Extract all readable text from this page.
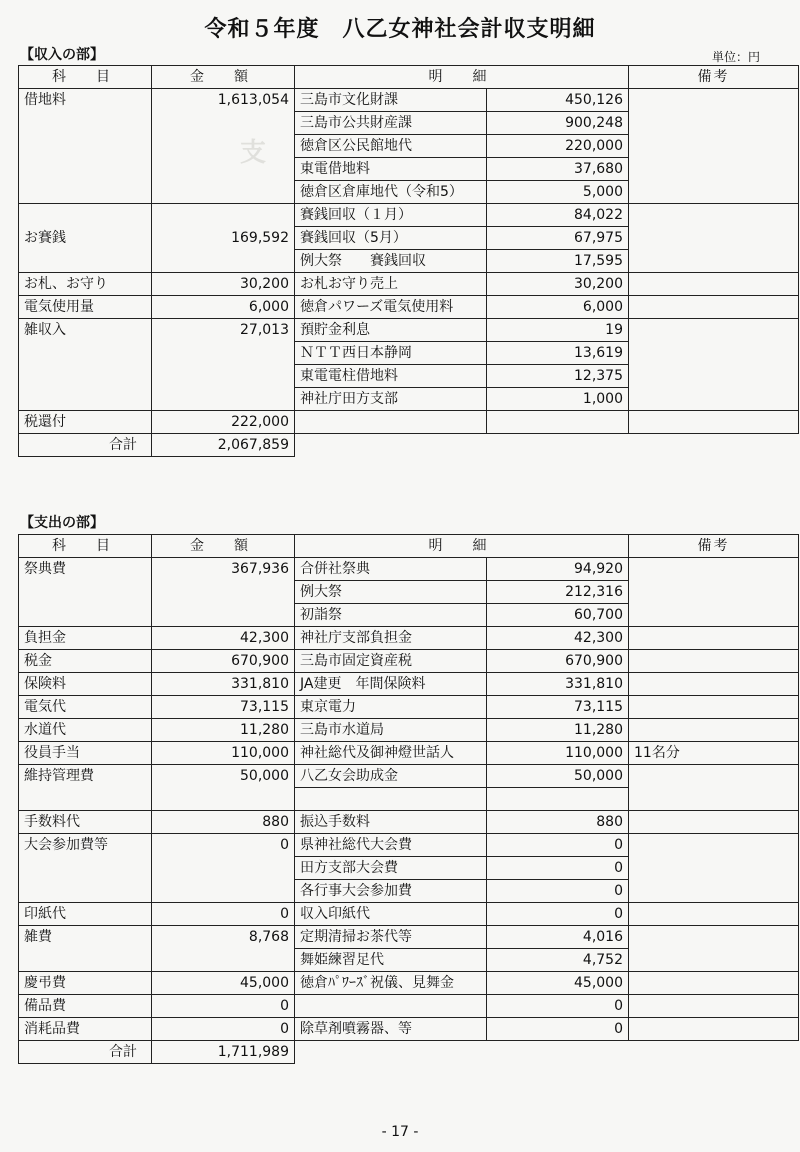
支
令和５年度　八乙女神社会計収支明細
【収入の部】	単位：円
科　目	金　額	明　細		備考
借地料	1,613,054	三島市文化財課	450,126	
		三島市公共財産課	900,248	
		徳倉区公民館地代	220,000	
		東電借地料	37,680	
		徳倉区倉庫地代（令和5）	5,000	
		賽銭回収（１月）	84,022	
お賽銭	169,592	賽銭回収（5月）	67,975	
		例大祭　　賽銭回収	17,595	
お札、お守り	30,200	お札お守り売上	30,200	
電気使用量	6,000	徳倉パワーズ電気使用料	6,000	
雑収入	27,013	預貯金利息	19	
		ＮＴＴ西日本静岡	13,619	
		東電電柱借地料	12,375	
		神社庁田方支部	1,000	
税還付	222,000			
合計	2,067,859			
【支出の部】
科　目	金　額	明　細		備考
祭典費	367,936	合併社祭典	94,920	
		例大祭	212,316	
		初詣祭	60,700	
負担金	42,300	神社庁支部負担金	42,300	
税金	670,900	三島市固定資産税	670,900	
保険料	331,810	JA建更　年間保険料	331,810	
電気代	73,115	東京電力	73,115	
水道代	11,280	三島市水道局	11,280	
役員手当	110,000	神社総代及御神燈世話人	110,000	11名分
維持管理費	50,000	八乙女会助成金	50,000	

手数料代	880	振込手数料	880	
大会参加費等	0	県神社総代大会費	0	
		田方支部大会費	0	
		各行事大会参加費	0	
印紙代	0	収入印紙代	0	
雑費	8,768	定期清掃お茶代等	4,016	
		舞姫練習足代	4,752	
慶弔費	45,000	徳倉ﾊﾟﾜｰｽﾞ祝儀、見舞金	45,000	
備品費	0		0	
消耗品費	0	除草剤噴霧器、等	0	
合計	1,711,989			
- 17 -
